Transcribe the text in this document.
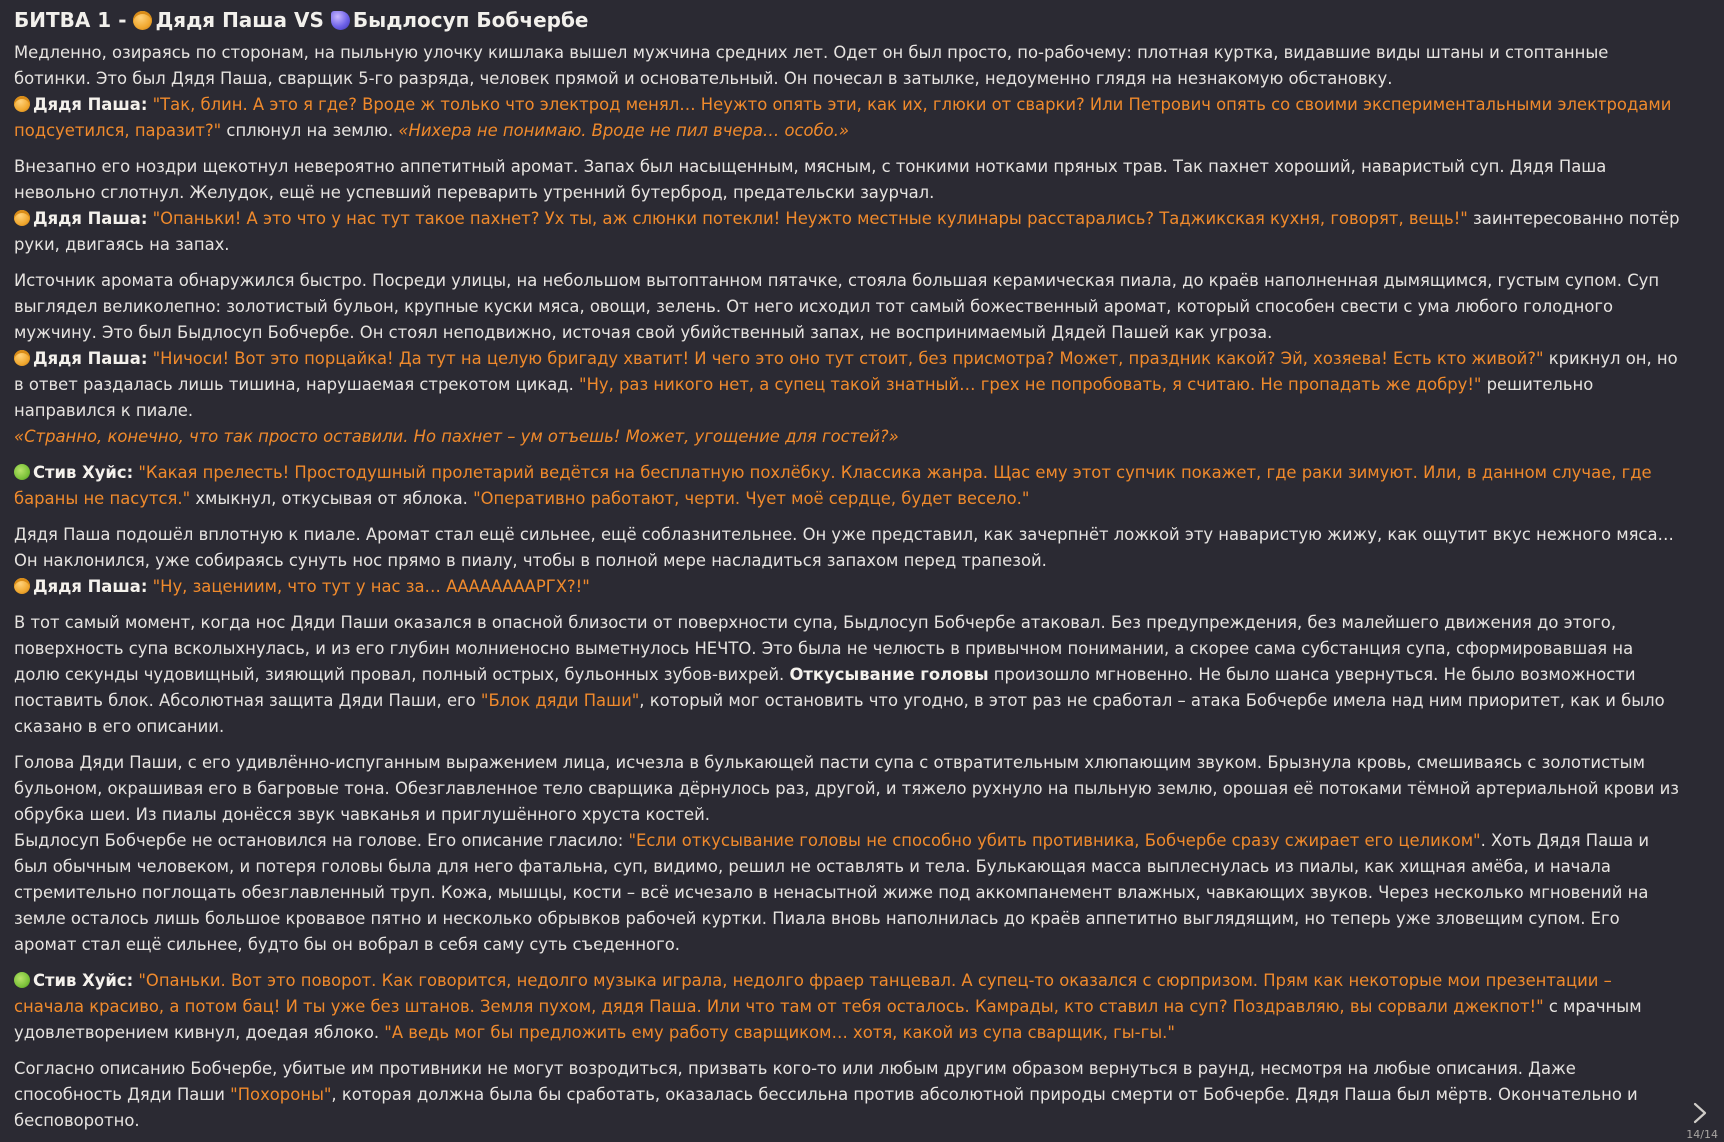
БИТВА 1 - Дядя Паша VS Быдлосуп Бобчербе

Медленно, озираясь по сторонам, на пыльную улочку кишлака вышел мужчина средних лет. Одет он был просто, по-рабочему: плотная куртка, видавшие виды штаны и стоптанные ботинки. Это был Дядя Паша, сварщик 5-го разряда, человек прямой и основательный. Он почесал в затылке, недоуменно глядя на незнакомую обстановку.

Дядя Паша: "Так, блин. А это я где? Вроде ж только что электрод менял… Неужто опять эти, как их, глюки от сварки? Или Петрович опять со своими экспериментальными электродами подсуетился, паразит?" сплюнул на землю. «Нихера не понимаю. Вроде не пил вчера… особо.»

Внезапно его ноздри щекотнул невероятно аппетитный аромат. Запах был насыщенным, мясным, с тонкими нотками пряных трав. Так пахнет хороший, наваристый суп. Дядя Паша невольно сглотнул. Желудок, ещё не успевший переварить утренний бутерброд, предательски заурчал.

Дядя Паша: "Опаньки! А это что у нас тут такое пахнет? Ух ты, аж слюнки потекли! Неужто местные кулинары расстарались? Таджикская кухня, говорят, вещь!" заинтересованно потёр руки, двигаясь на запах.

Источник аромата обнаружился быстро. Посреди улицы, на небольшом вытоптанном пятачке, стояла большая керамическая пиала, до краёв наполненная дымящимся, густым супом. Суп выглядел великолепно: золотистый бульон, крупные куски мяса, овощи, зелень. От него исходил тот самый божественный аромат, который способен свести с ума любого голодного мужчину. Это был Быдлосуп Бобчербе. Он стоял неподвижно, источая свой убийственный запах, не воспринимаемый Дядей Пашей как угроза.

Дядя Паша: "Ничоси! Вот это порцайка! Да тут на целую бригаду хватит! И чего это оно тут стоит, без присмотра? Может, праздник какой? Эй, хозяева! Есть кто живой?" крикнул он, но в ответ раздалась лишь тишина, нарушаемая стрекотом цикад. "Ну, раз никого нет, а супец такой знатный… грех не попробовать, я считаю. Не пропадать же добру!" решительно направился к пиале.

«Странно, конечно, что так просто оставили. Но пахнет – ум отъешь! Может, угощение для гостей?»

Стив Хуйс: "Какая прелесть! Простодушный пролетарий ведётся на бесплатную похлёбку. Классика жанра. Щас ему этот супчик покажет, где раки зимуют. Или, в данном случае, где бараны не пасутся." хмыкнул, откусывая от яблока. "Оперативно работают, черти. Чует моё сердце, будет весело."

Дядя Паша подошёл вплотную к пиале. Аромат стал ещё сильнее, ещё соблазнительнее. Он уже представил, как зачерпнёт ложкой эту наваристую жижу, как ощутит вкус нежного мяса… Он наклонился, уже собираясь сунуть нос прямо в пиалу, чтобы в полной мере насладиться запахом перед трапезой.

Дядя Паша: "Ну, зацениим, что тут у нас за… ААААААААРГХ?!"

В тот самый момент, когда нос Дяди Паши оказался в опасной близости от поверхности супа, Быдлосуп Бобчербе атаковал. Без предупреждения, без малейшего движения до этого, поверхность супа всколыхнулась, и из его глубин молниеносно выметнулось НЕЧТО. Это была не челюсть в привычном понимании, а скорее сама субстанция супа, сформировавшая на долю секунды чудовищный, зияющий провал, полный острых, бульонных зубов-вихрей. Откусывание головы произошло мгновенно. Не было шанса увернуться. Не было возможности поставить блок. Абсолютная защита Дяди Паши, его "Блок дяди Паши", который мог остановить что угодно, в этот раз не сработал – атака Бобчербе имела над ним приоритет, как и было сказано в его описании.

Голова Дяди Паши, с его удивлённо-испуганным выражением лица, исчезла в булькающей пасти супа с отвратительным хлюпающим звуком. Брызнула кровь, смешиваясь с золотистым бульоном, окрашивая его в багровые тона. Обезглавленное тело сварщика дёрнулось раз, другой, и тяжело рухнуло на пыльную землю, орошая её потоками тёмной артериальной крови из обрубка шеи. Из пиалы донёсся звук чавканья и приглушённого хруста костей.

Быдлосуп Бобчербе не остановился на голове. Его описание гласило: "Если откусывание головы не способно убить противника, Бобчербе сразу сжирает его целиком". Хоть Дядя Паша и был обычным человеком, и потеря головы была для него фатальна, суп, видимо, решил не оставлять и тела. Булькающая масса выплеснулась из пиалы, как хищная амёба, и начала стремительно поглощать обезглавленный труп. Кожа, мышцы, кости – всё исчезало в ненасытной жиже под аккомпанемент влажных, чавкающих звуков. Через несколько мгновений на земле осталось лишь большое кровавое пятно и несколько обрывков рабочей куртки. Пиала вновь наполнилась до краёв аппетитно выглядящим, но теперь уже зловещим супом. Его аромат стал ещё сильнее, будто бы он вобрал в себя саму суть съеденного.

Стив Хуйс: "Опаньки. Вот это поворот. Как говорится, недолго музыка играла, недолго фраер танцевал. А супец-то оказался с сюрпризом. Прям как некоторые мои презентации – сначала красиво, а потом бац! И ты уже без штанов. Земля пухом, дядя Паша. Или что там от тебя осталось. Камрады, кто ставил на суп? Поздравляю, вы сорвали джекпот!" с мрачным удовлетворением кивнул, доедая яблоко. "А ведь мог бы предложить ему работу сварщиком… хотя, какой из супа сварщик, гы-гы."

Согласно описанию Бобчербе, убитые им противники не могут возродиться, призвать кого-то или любым другим образом вернуться в раунд, несмотря на любые описания. Даже способность Дяди Паши "Похороны", которая должна была бы сработать, оказалась бессильна против абсолютной природы смерти от Бобчербе. Дядя Паша был мёртв. Окончательно и бесповоротно.

14/14
